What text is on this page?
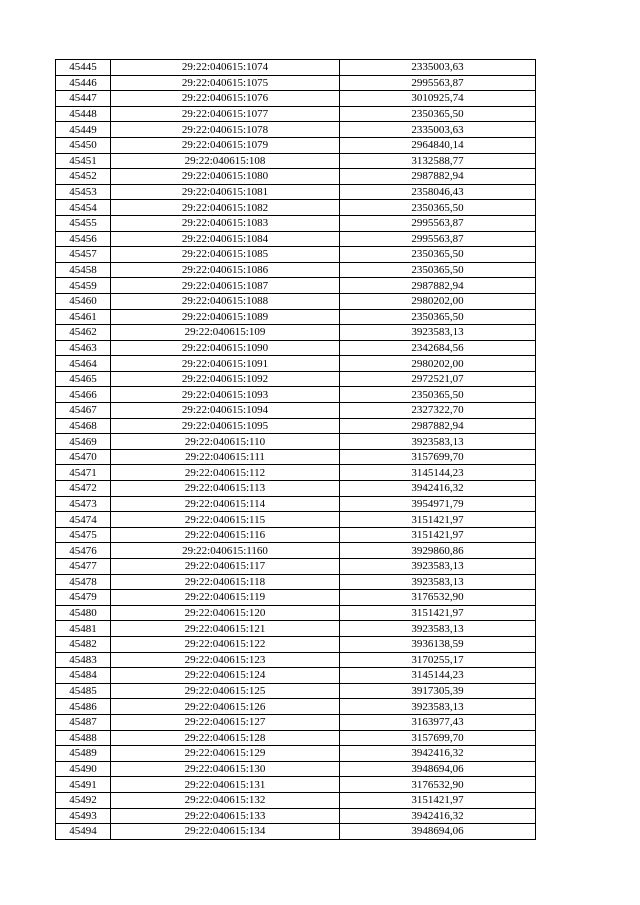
45445	29:22:040615:1074	2335003,63
45446	29:22:040615:1075	2995563,87
45447	29:22:040615:1076	3010925,74
45448	29:22:040615:1077	2350365,50
45449	29:22:040615:1078	2335003,63
45450	29:22:040615:1079	2964840,14
45451	29:22:040615:108	3132588,77
45452	29:22:040615:1080	2987882,94
45453	29:22:040615:1081	2358046,43
45454	29:22:040615:1082	2350365,50
45455	29:22:040615:1083	2995563,87
45456	29:22:040615:1084	2995563,87
45457	29:22:040615:1085	2350365,50
45458	29:22:040615:1086	2350365,50
45459	29:22:040615:1087	2987882,94
45460	29:22:040615:1088	2980202,00
45461	29:22:040615:1089	2350365,50
45462	29:22:040615:109	3923583,13
45463	29:22:040615:1090	2342684,56
45464	29:22:040615:1091	2980202,00
45465	29:22:040615:1092	2972521,07
45466	29:22:040615:1093	2350365,50
45467	29:22:040615:1094	2327322,70
45468	29:22:040615:1095	2987882,94
45469	29:22:040615:110	3923583,13
45470	29:22:040615:111	3157699,70
45471	29:22:040615:112	3145144,23
45472	29:22:040615:113	3942416,32
45473	29:22:040615:114	3954971,79
45474	29:22:040615:115	3151421,97
45475	29:22:040615:116	3151421,97
45476	29:22:040615:1160	3929860,86
45477	29:22:040615:117	3923583,13
45478	29:22:040615:118	3923583,13
45479	29:22:040615:119	3176532,90
45480	29:22:040615:120	3151421,97
45481	29:22:040615:121	3923583,13
45482	29:22:040615:122	3936138,59
45483	29:22:040615:123	3170255,17
45484	29:22:040615:124	3145144,23
45485	29:22:040615:125	3917305,39
45486	29:22:040615:126	3923583,13
45487	29:22:040615:127	3163977,43
45488	29:22:040615:128	3157699,70
45489	29:22:040615:129	3942416,32
45490	29:22:040615:130	3948694,06
45491	29:22:040615:131	3176532,90
45492	29:22:040615:132	3151421,97
45493	29:22:040615:133	3942416,32
45494	29:22:040615:134	3948694,06
